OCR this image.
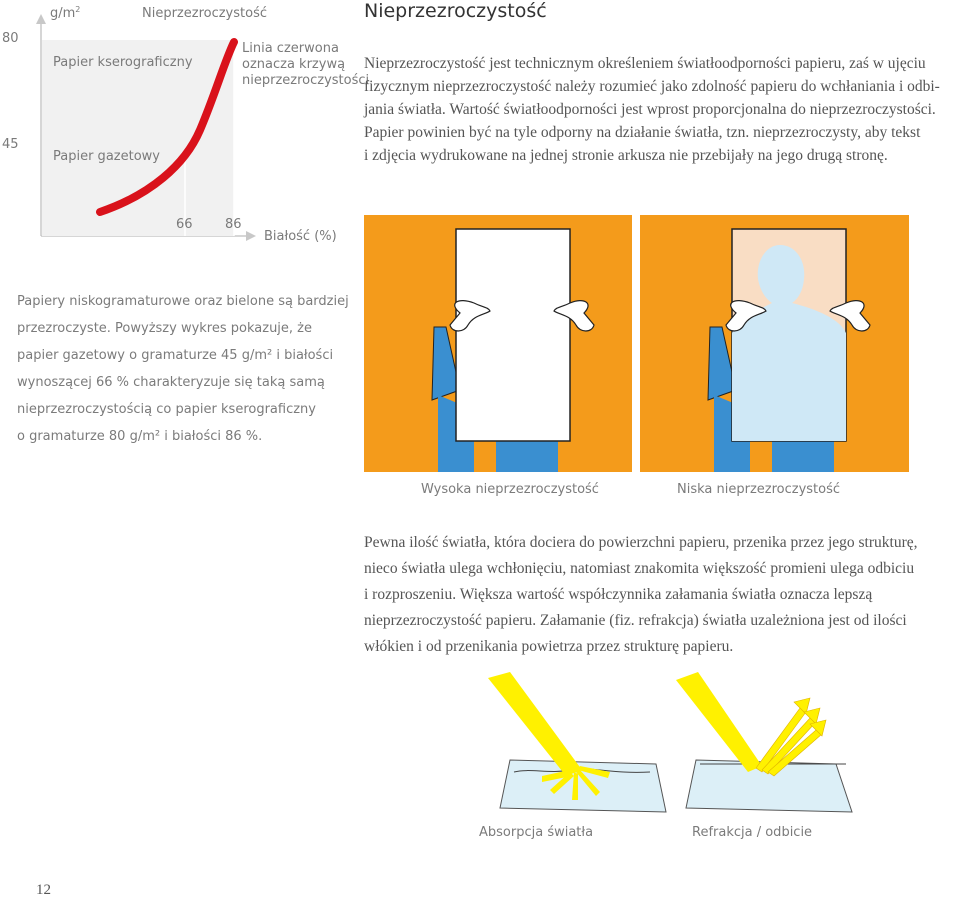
$g/m^2$	Nieprzezroczystość
80
45
Papier kserograficzny
Papier gazetowy
66 86
Białość (%)
Linia czerwona
oznacza krzywą
nieprzezroczystości
Nieprzezroczystość
Nieprzezroczystość jest technicznym określeniem światłoodporności papieru, zaś w ujęciu
fizycznym nieprzezroczystość należy rozumieć jako zdolność papieru do wchłaniania i odbi-
jania światła. Wartość światłoodporności jest wprost proporcjonalna do nieprzezroczystości.
Papier powinien być na tyle odporny na działanie światła, tzn. nieprzezroczysty, aby tekst
i zdjęcia wydrukowane na jednej stronie arkusza nie przebijały na jego drugą stronę.
Papiery niskogramaturowe oraz bielone są bardziej
przezroczyste. Powyższy wykres pokazuje, że
papier gazetowy o gramaturze 45 g/m² i białości
wynoszącej 66 % charakteryzuje się taką samą
nieprzezroczystością co papier kserograficzny
o gramaturze 80 g/m² i białości 86 %.
Wysoka nieprzezroczystość	Niska nieprzezroczystość
Pewna ilość światła, która dociera do powierzchni papieru, przenika przez jego strukturę,
nieco światła ulega wchłonięciu, natomiast znakomita większość promieni ulega odbiciu
i rozproszeniu. Większa wartość współczynnika załamania światła oznacza lepszą
nieprzezroczystość papieru. Załamanie (fiz. refrakcja) światła uzależniona jest od ilości
włókien i od przenikania powietrza przez strukturę papieru.
Absorpcja światła	Refrakcja / odbicie
12
